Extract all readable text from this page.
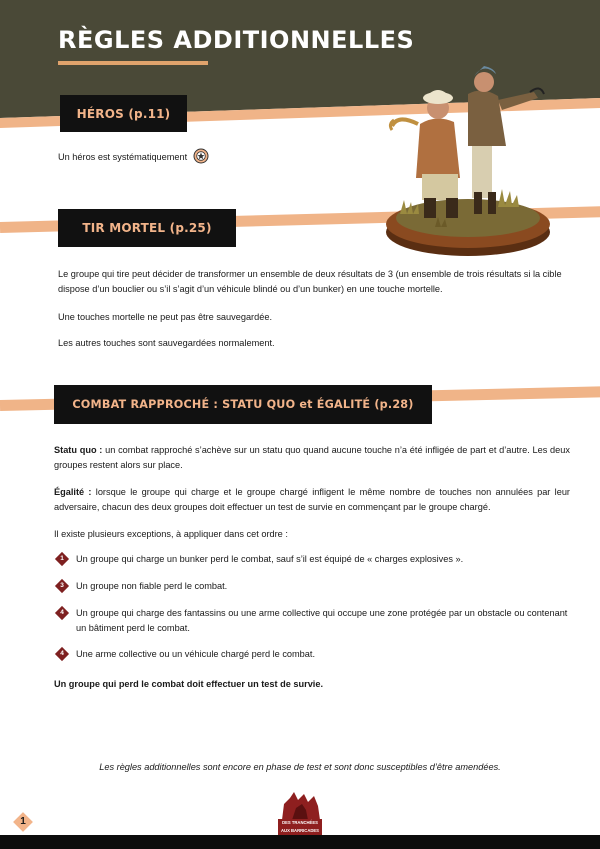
RÈGLES ADDITIONNELLES
HÉROS (p.11)
Un héros est systématiquement
TIR MORTEL (p.25)
Le groupe qui tire peut décider de transformer un ensemble de deux résultats de 3 (un ensemble de trois résultats si la cible dispose d’un bouclier ou s’il s’agit d’un véhicule blindé ou d’un bunker) en une touche mortelle.
Une touches mortelle ne peut pas être sauvegardée.
Les autres touches sont sauvegardées normalement.
COMBAT RAPPROCHÉ : STATU QUO et ÉGALITÉ (p.28)
Statu quo : un combat rapproché s’achève sur un statu quo quand aucune touche n’a été infligée de part et d’autre. Les deux groupes restent alors sur place.
Égalité : lorsque le groupe qui charge et le groupe chargé infligent le même nombre de touches non annulées par leur adversaire, chacun des deux groupes doit effectuer un test de survie en commençant par le groupe chargé.
Il existe plusieurs exceptions, à appliquer dans cet ordre :
1	Un groupe qui charge un bunker perd le combat, sauf s’il est équipé de « charges explosives ».
3	Un groupe non fiable perd le combat.
4	Un groupe qui charge des fantassins ou une arme collective qui occupe une zone protégée par un obstacle ou contenant un bâtiment perd le combat.
4	Une arme collective ou un véhicule chargé perd le combat.
Un groupe qui perd le combat doit effectuer un test de survie.
Les règles additionnelles sont encore en phase de test et sont donc susceptibles d’être amendées.
1	DES TRANCHÉES
AUX BARRICADES
